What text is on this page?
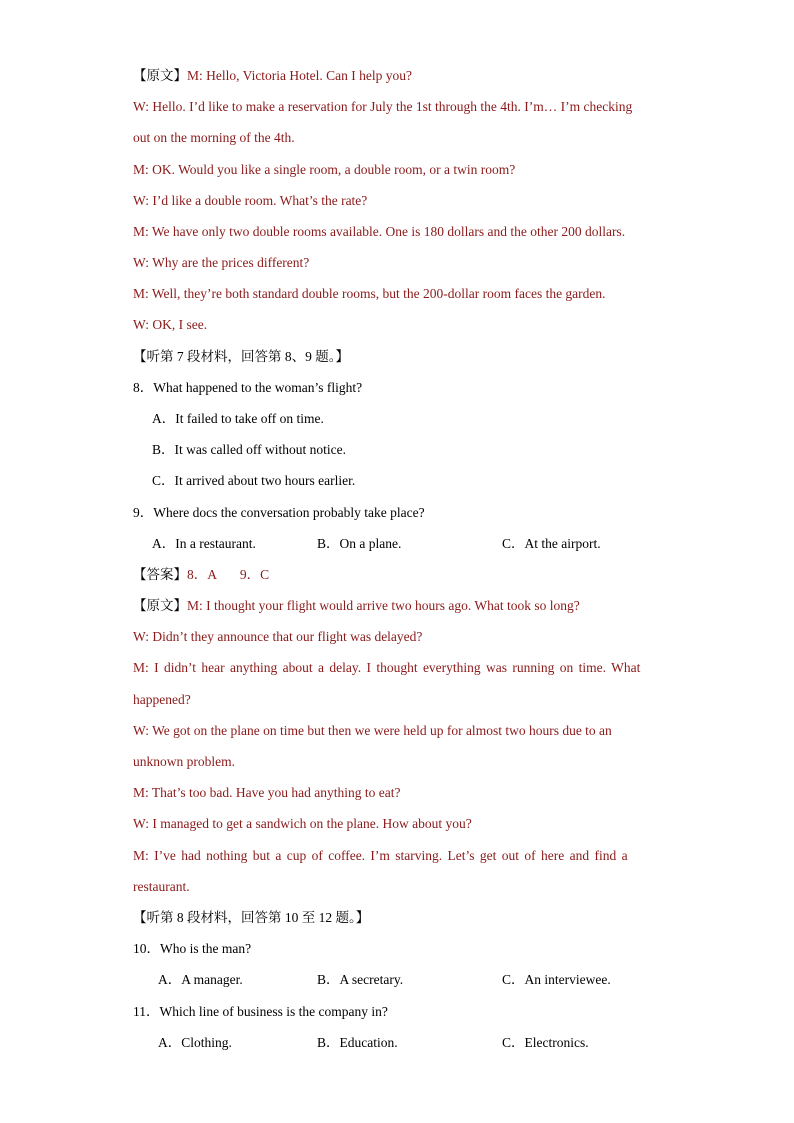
【原文】M: Hello, Victoria Hotel. Can I help you?
W: Hello. I’d like to make a reservation for July the 1st through the 4th. I’m… I’m checking
out on the morning of the 4th.
M: OK. Would you like a single room, a double room, or a twin room?
W: I’d like a double room. What’s the rate?
M: We have only two double rooms available. One is 180 dollars and the other 200 dollars.
W: Why are the prices different?
M: Well, they’re both standard double rooms, but the 200-dollar room faces the garden.
W: OK, I see.
【听第 7 段材料，回答第 8、9 题。】
8．What happened to the woman’s flight?
A．It failed to take off on time.
B．It was called off without notice.
C．It arrived about two hours earlier.
9．Where docs the conversation probably take place?
A．In a restaurant.	B．On a plane.	C．At the airport.
【答案】8．A       9．C
【原文】M: I thought your flight would arrive two hours ago. What took so long?
W: Didn’t they announce that our flight was delayed?
M: I didn’t hear anything about a delay. I thought everything was running on time. What
happened?
W: We got on the plane on time but then we were held up for almost two hours due to an
unknown problem.
M: That’s too bad. Have you had anything to eat?
W: I managed to get a sandwich on the plane. How about you?
M: I’ve had nothing but a cup of coffee. I’m starving. Let’s get out of here and find a
restaurant.
【听第 8 段材料，回答第 10 至 12 题。】
10．Who is the man?
A．A manager.	B．A secretary.	C．An interviewee.
11．Which line of business is the company in?
A．Clothing.	B．Education.	C．Electronics.
